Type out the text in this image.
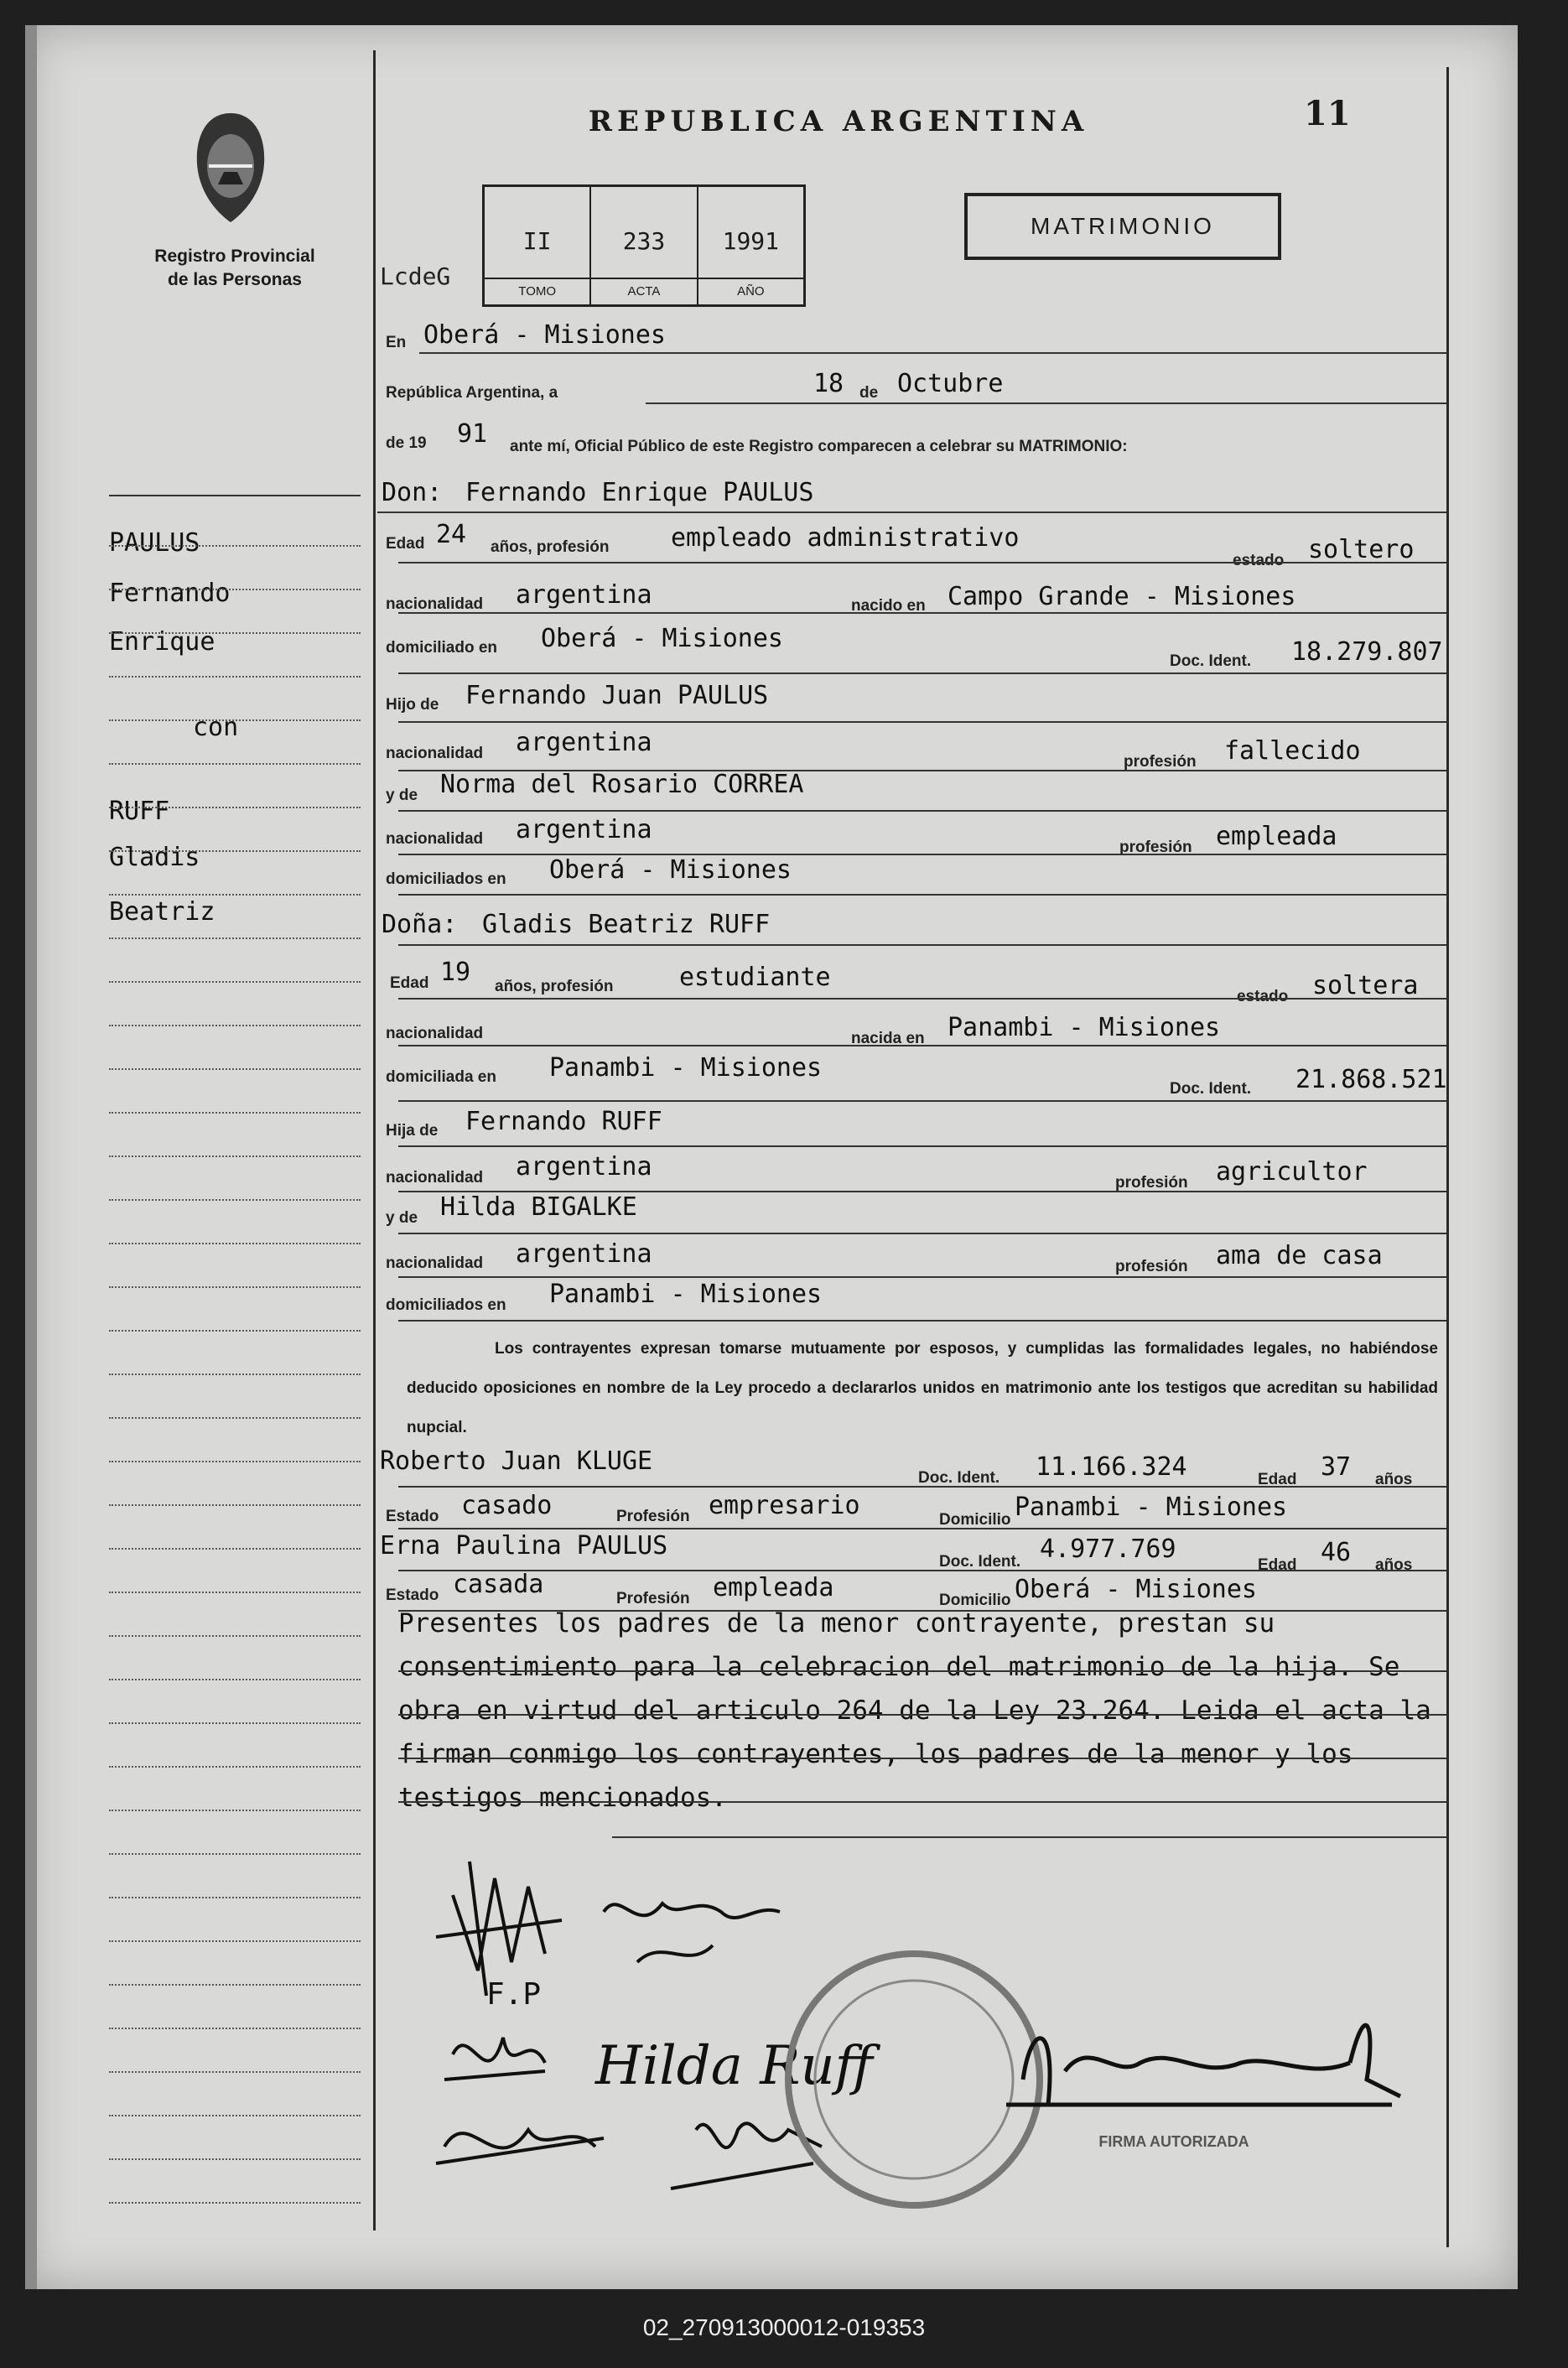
Registro Provincial
de las Personas
REPUBLICA ARGENTINA	11
LcdeG
II
TOMO
233
ACTA
1991
AÑO
MATRIMONIO
En Oberá - Misiones
República Argentina, a	18 de Octubre
de 19 91 ante mí, Oficial Público de este Registro comparecen a celebrar su MATRIMONIO:
Don: Fernando Enrique PAULUS
Edad 24 años, profesión empleado administrativo
estado soltero
nacionalidad argentina	nacido en Campo Grande - Misiones
domiciliado en Oberá - Misiones
Doc. Ident. 18.279.807
Hijo de Fernando Juan PAULUS
nacionalidad argentina
profesión fallecido
y de Norma del Rosario CORREA
nacionalidad argentina
profesión empleada
domiciliados en Oberá - Misiones
Doña: Gladis Beatriz RUFF
Edad 19 años, profesión	estudiante
estado soltera
nacionalidad	nacida en Panambi - Misiones
domiciliada en Panambi - Misiones
Doc. Ident. 21.868.521
Hija de Fernando RUFF
nacionalidad argentina
profesión agricultor
y de Hilda BIGALKE
nacionalidad argentina	profesión ama de casa
domiciliados en Panambi - Misiones
Los contrayentes expresan tomarse mutuamente por esposos, y cumplidas las formalidades legales, no habiéndose deducido oposiciones en nombre de la Ley procedo a declararlos unidos en matrimonio ante los testigos que acreditan su habilidad nupcial.
Roberto Juan KLUGE
Doc. Ident. 11.166.324	Edad 37 años
Estado casado	Profesión empresario	Domicilio Panambi - Misiones
Erna Paulina PAULUS
Doc. Ident. 4.977.769
Edad 46 años
Estado casada	Profesión empleada	Domicilio Oberá - Misiones
Presentes los padres de la menor contrayente, prestan su consentimiento para la celebracion del matrimonio de la hija. Se obra en virtud del articulo 264 de la Ley 23.264. Leida el acta la firman conmigo los contrayentes, los padres de la menor y los testigos mencionados.
PAULUS
Fernando
Enrique
con
RUFF
Gladis
Beatriz
F.P
Hilda Ruff
FIRMA AUTORIZADA
02_270913000012-019353
